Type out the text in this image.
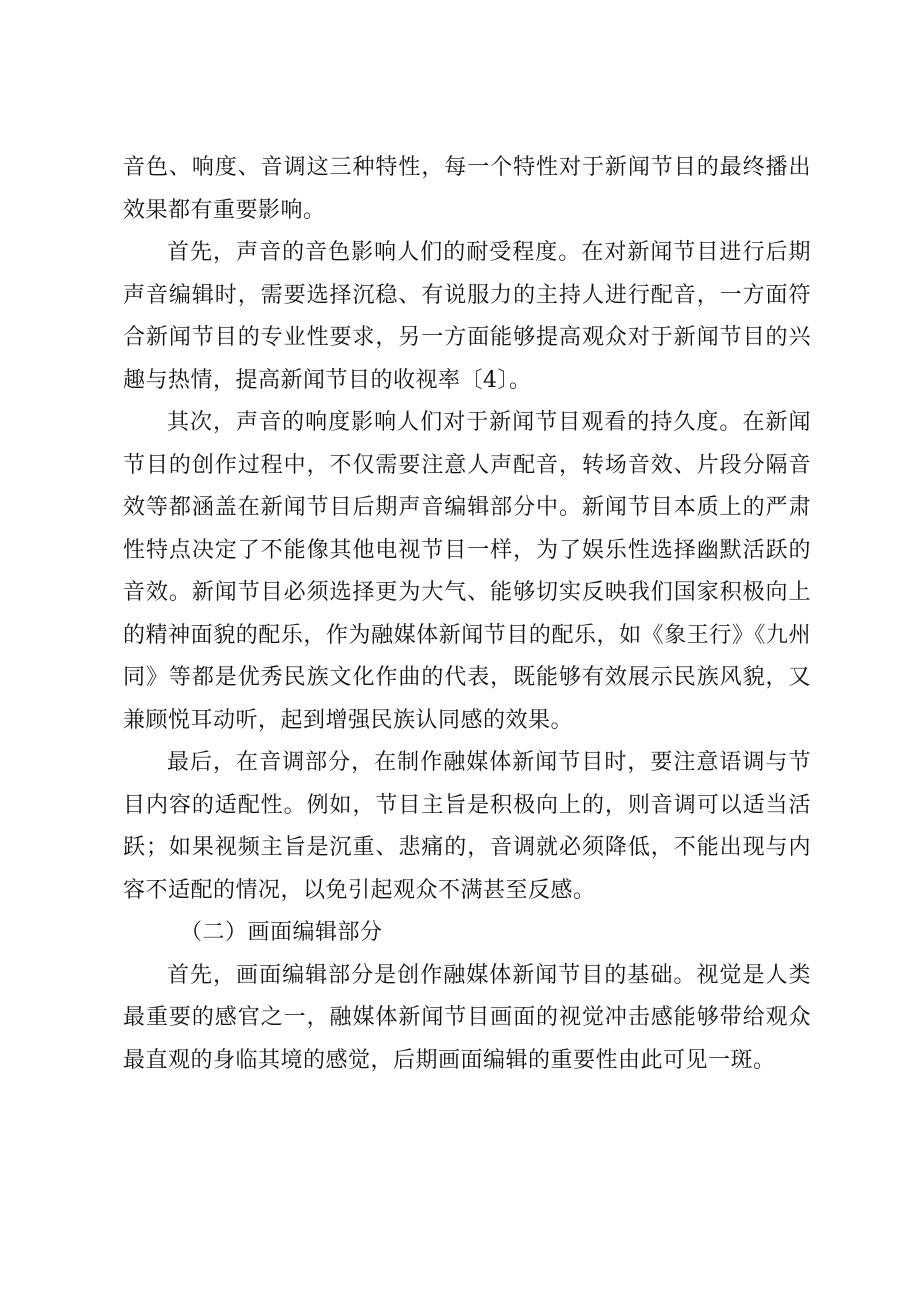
音色、响度、音调这三种特性，每一个特性对于新闻节目的最终播出效果都有重要影响。

首先，声音的音色影响人们的耐受程度。在对新闻节目进行后期声音编辑时，需要选择沉稳、有说服力的主持人进行配音，一方面符合新闻节目的专业性要求，另一方面能够提高观众对于新闻节目的兴趣与热情，提高新闻节目的收视率〔4〕。

其次，声音的响度影响人们对于新闻节目观看的持久度。在新闻节目的创作过程中，不仅需要注意人声配音，转场音效、片段分隔音效等都涵盖在新闻节目后期声音编辑部分中。新闻节目本质上的严肃性特点决定了不能像其他电视节目一样，为了娱乐性选择幽默活跃的音效。新闻节目必须选择更为大气、能够切实反映我们国家积极向上的精神面貌的配乐，作为融媒体新闻节目的配乐，如《象王行》《九州同》等都是优秀民族文化作曲的代表，既能够有效展示民族风貌，又兼顾悦耳动听，起到增强民族认同感的效果。

最后，在音调部分，在制作融媒体新闻节目时，要注意语调与节目内容的适配性。例如，节目主旨是积极向上的，则音调可以适当活跃；如果视频主旨是沉重、悲痛的，音调就必须降低，不能出现与内容不适配的情况，以免引起观众不满甚至反感。

（二）画面编辑部分

首先，画面编辑部分是创作融媒体新闻节目的基础。视觉是人类最重要的感官之一，融媒体新闻节目画面的视觉冲击感能够带给观众最直观的身临其境的感觉，后期画面编辑的重要性由此可见一斑。
